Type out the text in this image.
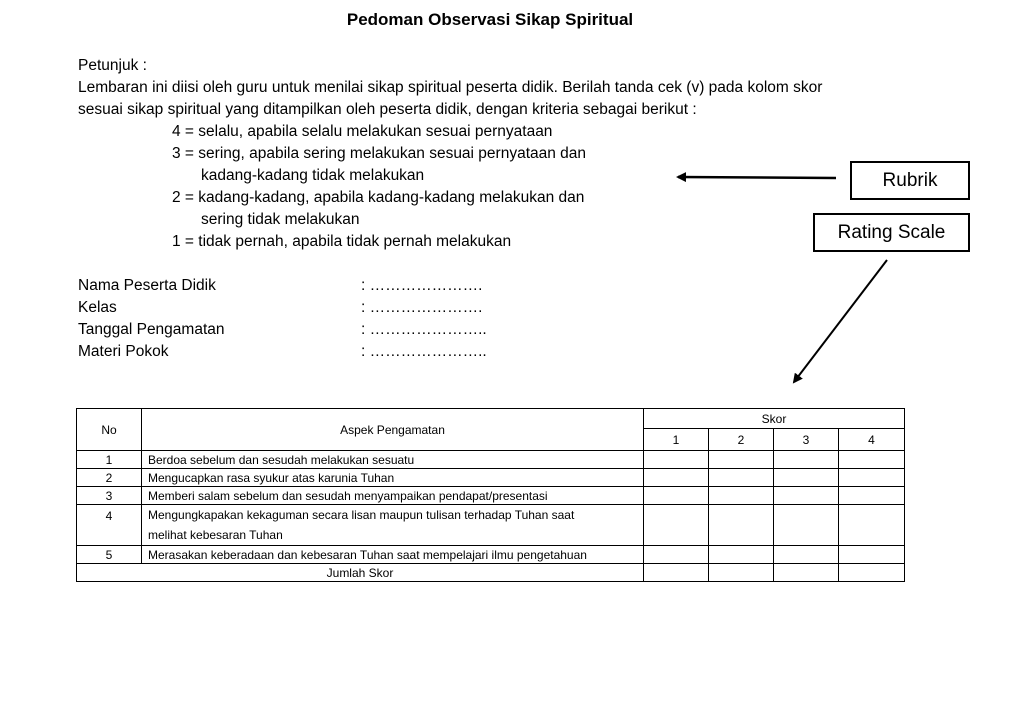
Pedoman Observasi Sikap Spiritual
Petunjuk :
Lembaran ini diisi oleh guru untuk menilai sikap spiritual peserta didik. Berilah tanda cek (v) pada kolom skor
sesuai sikap spiritual yang ditampilkan oleh peserta didik, dengan kriteria sebagai berikut :
4 = selalu, apabila selalu melakukan sesuai pernyataan
3 = sering, apabila sering melakukan sesuai pernyataan dan
kadang-kadang tidak melakukan
2 = kadang-kadang, apabila kadang-kadang melakukan dan
sering tidak melakukan
1 = tidak pernah, apabila tidak pernah melakukan
Nama Peserta Didik	: ………………….
Kelas	: ………………….
Tanggal Pengamatan	: …………………..
Materi Pokok	: …………………..
Rubrik
Rating Scale
No	Aspek Pengamatan	Skor			
		1	2	3	4
1	Berdoa sebelum dan sesudah melakukan sesuatu				
2	Mengucapkan rasa syukur atas karunia Tuhan				
3	Memberi salam sebelum dan sesudah menyampaikan pendapat/presentasi				
4	Mengungkapakan kekaguman secara lisan maupun tulisan terhadap Tuhan saat
melihat kebesaran Tuhan				

5	Merasakan keberadaan dan kebesaran Tuhan saat mempelajari ilmu pengetahuan				
Jumlah Skor					
